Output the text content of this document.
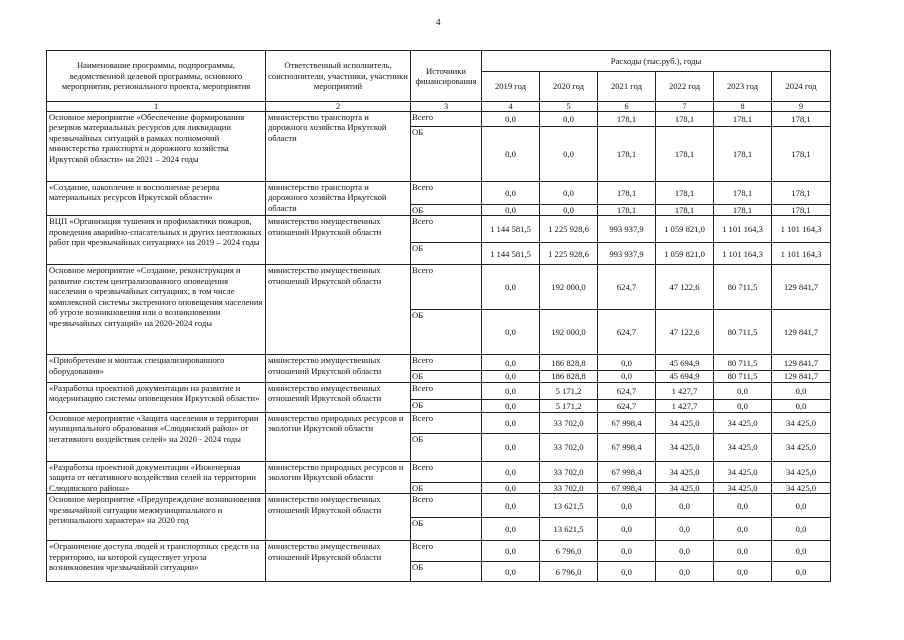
4
Наименование программы, подпрограммы, ведомственной целевой программы, основного мероприятия, регионального проекта, мероприятия	Ответственный исполнитель, соисполнители, участники, участники мероприятий	Источники финансирования	Расходы (тыс.руб.), годы					
			2019 год	2020 год	2021 год	2022 год	2023 год	2024 год
1	2	3	4	5	6	7	8	9
Основное мероприятие «Обеспечение формирования резервов материальных ресурсов для ликвидации чрезвычайных ситуаций в рамках полномочий министерства транспорта и дорожного хозяйства Иркутской области» на 2021 – 2024 годы	министерство транспорта и дорожного хозяйства Иркутской области	Всего	0,0	0,0	178,1	178,1	178,1	178,1
		ОБ	0,0	0,0	178,1	178,1	178,1	178,1
«Создание, накопление и восполнение резерва материальных ресурсов Иркутской области»	министерство транспорта и дорожного хозяйства Иркутской области	Всего	0,0	0,0	178,1	178,1	178,1	178,1
		ОБ	0,0	0,0	178,1	178,1	178,1	178,1
ВЦП «Организация тушения и профилактики пожаров, проведения аварийно-спасательных и других неотложных работ при чрезвычайных ситуациях» на 2019 – 2024 годы	министерство имущественных отношений Иркутской области	Всего	1 144 581,5	1 225 928,6	993 937,9	1 059 821,0	1 101 164,3	1 101 164,3
		ОБ	1 144 581,5	1 225 928,6	993 937,9	1 059 821,0	1 101 164,3	1 101 164,3
Основное мероприятие «Создание, реконструкция и развитие систем централизованного оповещения населения о чрезвычайных ситуациях, в том числе комплексной системы экстренного оповещения населения об угрозе возникновения или о возникновении чрезвычайных ситуаций» на 2020-2024 годы	министерство имущественных отношений Иркутской области	Всего	0,0	192 000,0	624,7	47 122,6	80 711,5	129 841,7
		ОБ	0,0	192 000,0	624,7	47 122,6	80 711,5	129 841,7
«Приобретение и монтаж специализированного оборудования»	министерство имущественных отношений Иркутской области	Всего	0,0	186 828,8	0,0	45 694,9	80 711,5	129 841,7
		ОБ	0,0	186 828,8	0,0	45 694,9	80 711,5	129 841,7
«Разработка проектной документации на развитие и модернизацию системы оповещения Иркутской области»	министерство имущественных отношений Иркутской области	Всего	0,0	5 171,2	624,7	1 427,7	0,0	0,0
		ОБ	0,0	5 171,2	624,7	1 427,7	0,0	0,0
Основное мероприятие «Защита населения и территории муниципального образования «Слюдянский район» от негативного воздействия селей» на 2020 - 2024 годы	министерство природных ресурсов и экологии Иркутской области	Всего	0,0	33 702,0	67 998,4	34 425,0	34 425,0	34 425,0
		ОБ	0,0	33 702,0	67 998,4	34 425,0	34 425,0	34 425,0
«Разработка проектной документации «Инженерная защита от негативного воздействия селей на территории Слюдянского района»	министерство природных ресурсов и экологии Иркутской области	Всего	0,0	33 702,0	67 998,4	34 425,0	34 425,0	34 425,0
		ОБ	0,0	33 702,0	67 998,4	34 425,0	34 425,0	34 425,0
Основное мероприятие «Предупреждение возникновения чрезвычайной ситуации межмуниципального и регионального характера» на 2020 год	министерство имущественных отношений Иркутской области	Всего	0,0	13 621,5	0,0	0,0	0,0	0,0
		ОБ	0,0	13 621,5	0,0	0,0	0,0	0,0
«Ограничение доступа людей и транспортных средств на территорию, на которой существует угроза возникновения чрезвычайной ситуации»	министерство имущественных отношений Иркутской области	Всего	0,0	6 796,0	0,0	0,0	0,0	0,0
		ОБ	0,0	6 796,0	0,0	0,0	0,0	0,0
